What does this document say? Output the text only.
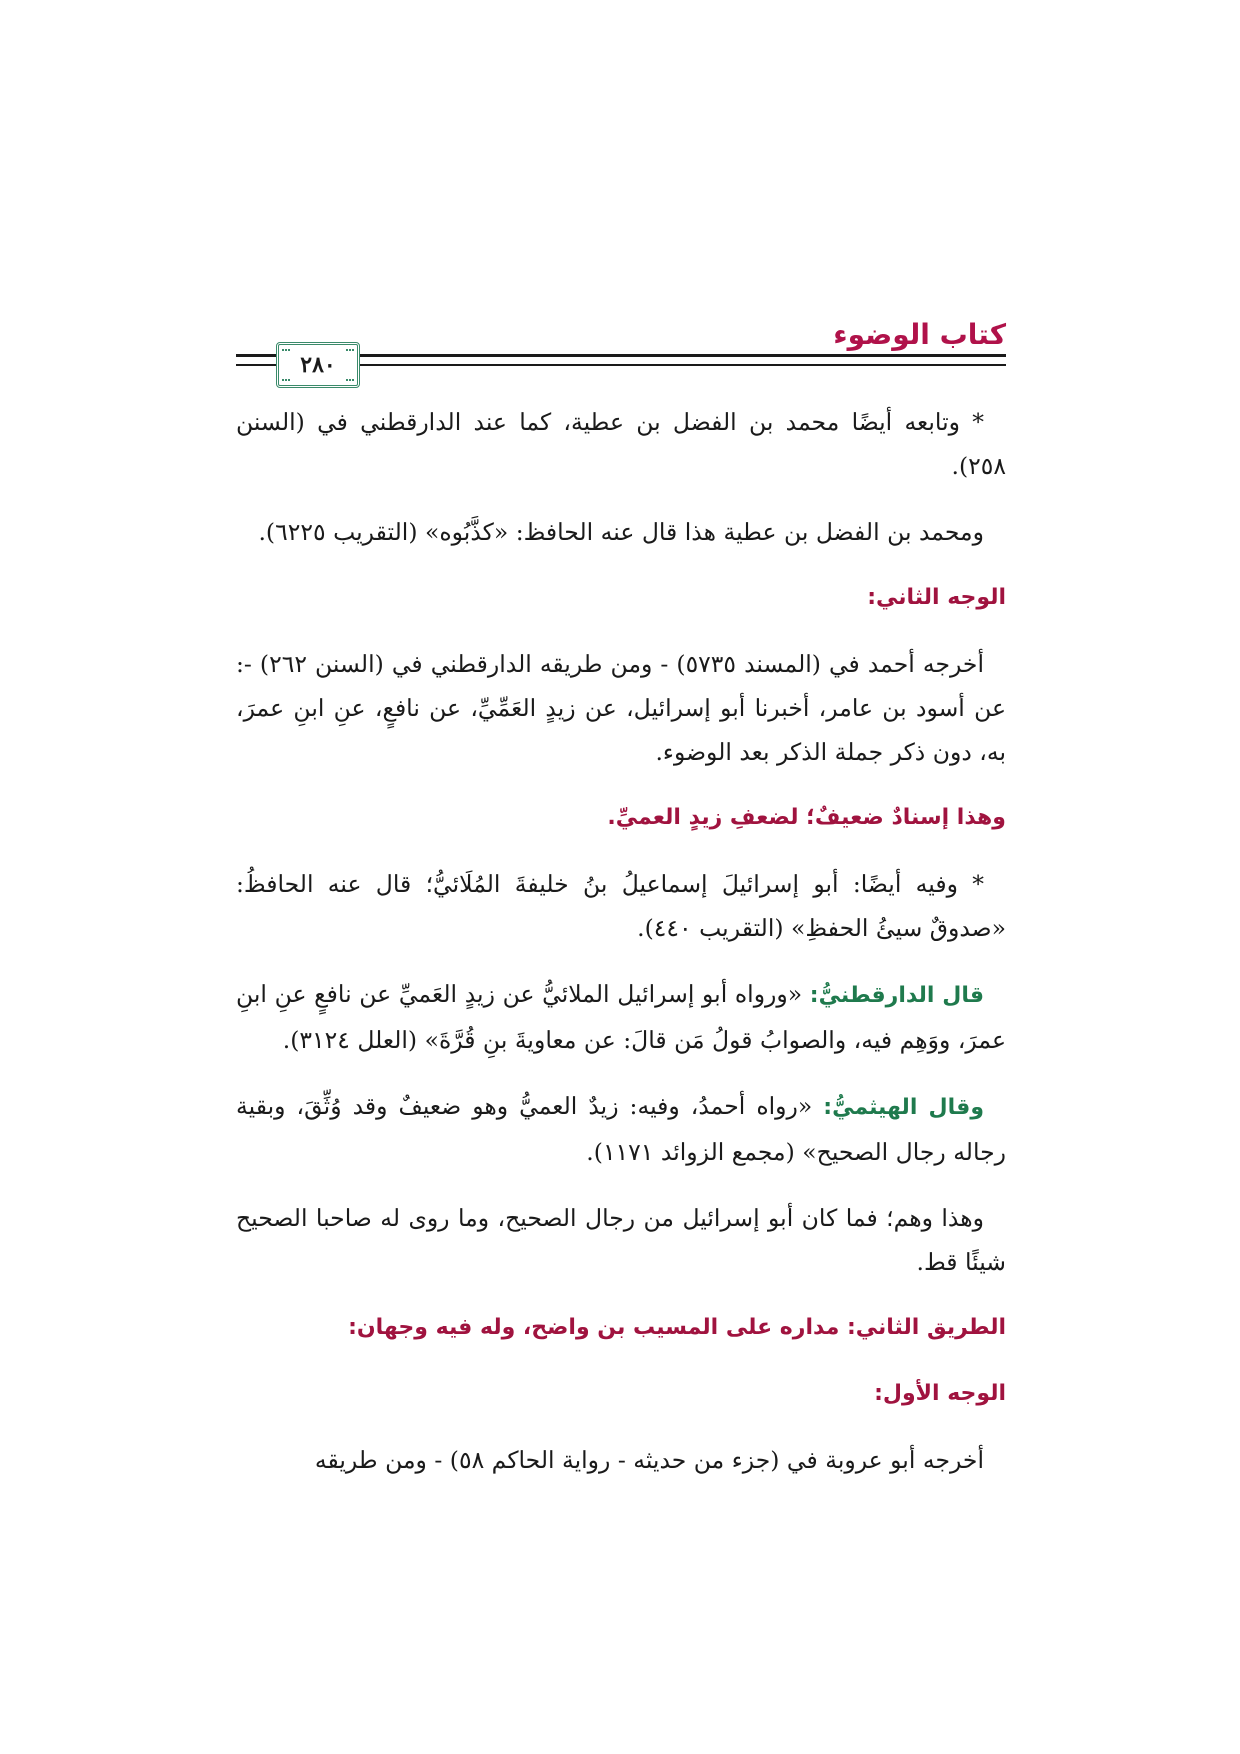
كتاب الوضوء
٢٨٠

* وتابعه أيضًا محمد بن الفضل بن عطية، كما عند الدارقطني في (السنن ٢٥٨).

ومحمد بن الفضل بن عطية هذا قال عنه الحافظ: «كذَّبُوه» (التقريب ٦٢٢٥).

الوجه الثاني:

أخرجه أحمد في (المسند ٥٧٣٥) - ومن طريقه الدارقطني في (السنن ٢٦٢) -: عن أسود بن عامر، أخبرنا أبو إسرائيل، عن زيدٍ العَمِّيِّ، عن نافعٍ، عنِ ابنِ عمرَ، به، دون ذكر جملة الذكر بعد الوضوء.

وهذا إسنادٌ ضعيفٌ؛ لضعفِ زيدٍ العميِّ.

* وفيه أيضًا: أبو إسرائيلَ إسماعيلُ بنُ خليفةَ المُلَائيُّ؛ قال عنه الحافظُ: «صدوقٌ سيئُ الحفظِ» (التقريب ٤٤٠).

قال الدارقطنيُّ: «ورواه أبو إسرائيل الملائيُّ عن زيدٍ العَميِّ عن نافعٍ عنِ ابنِ عمرَ، ووَهِم فيه، والصوابُ قولُ مَن قالَ: عن معاويةَ بنِ قُرَّةَ» (العلل ٣١٢٤).

وقال الهيثميُّ: «رواه أحمدُ، وفيه: زيدٌ العميُّ وهو ضعيفٌ وقد وُثِّقَ، وبقية رجاله رجال الصحيح» (مجمع الزوائد ١١٧١).

وهذا وهم؛ فما كان أبو إسرائيل من رجال الصحيح، وما روى له صاحبا الصحيح شيئًا قط.

الطريق الثاني: مداره على المسيب بن واضح، وله فيه وجهان:

الوجه الأول:

أخرجه أبو عروبة في (جزء من حديثه - رواية الحاكم ٥٨) - ومن طريقه
